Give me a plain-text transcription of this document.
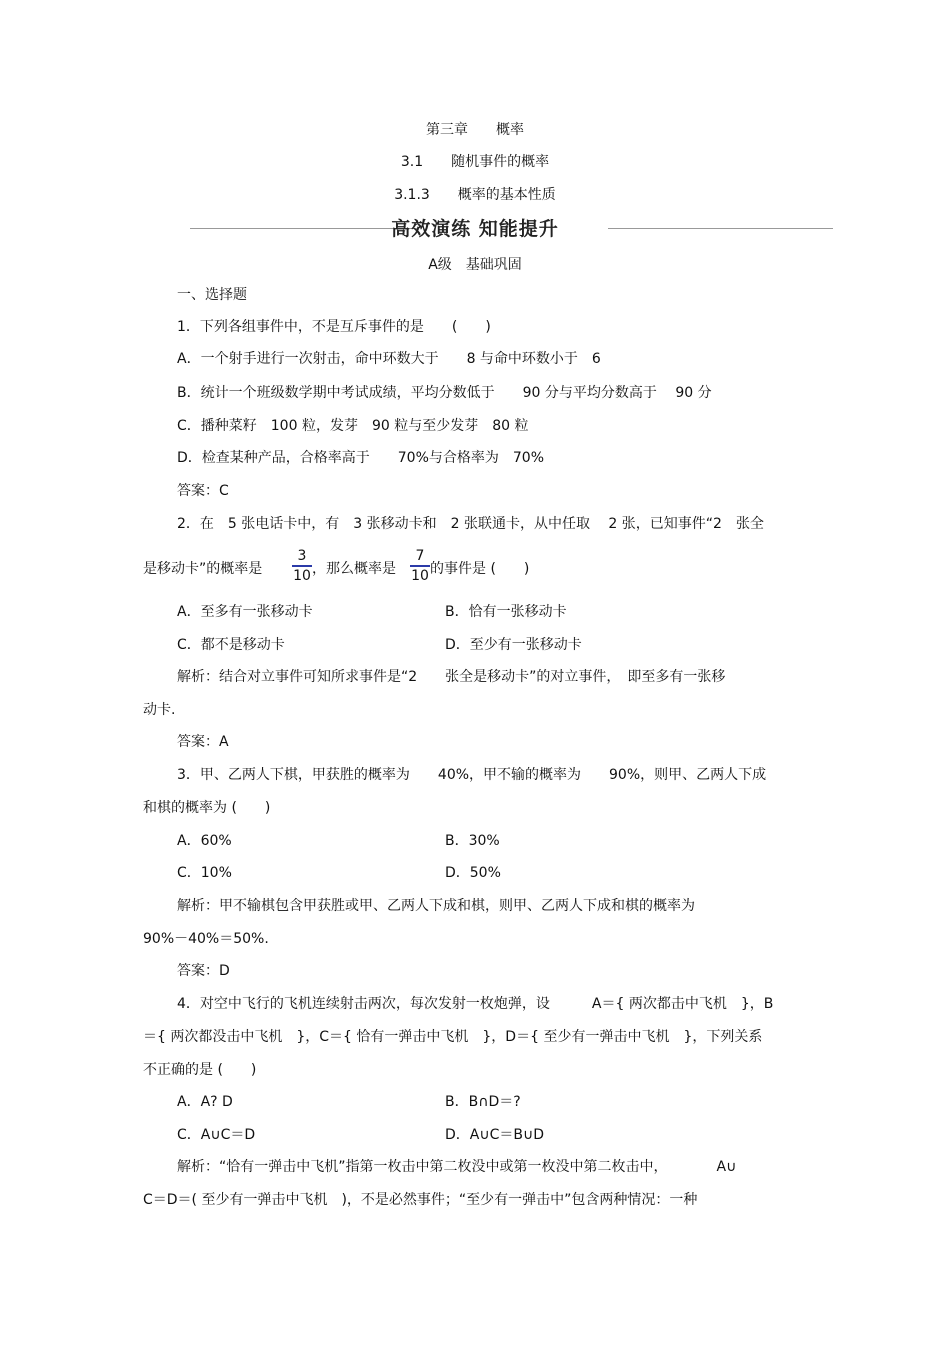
第三章　　概率
3.1　　随机事件的概率
3.1.3　　概率的基本性质
高效演练 知能提升
A级　基础巩固
一、选择题
1．下列各组事件中，不是互斥事件的是　　(　　)
A．一个射手进行一次射击，命中环数大于　　8 与命中环数小于　6
B．统计一个班级数学期中考试成绩，平均分数低于　　90 分与平均分数高于　 90 分
C．播种菜籽　100 粒，发芽　90 粒与至少发芽　80 粒
D．检查某种产品，合格率高于　　70%与合格率为　70%
答案：C
2．在　5 张电话卡中，有　3 张移动卡和　2 张联通卡，从中任取　 2 张，已知事件“2　张全
是移动卡”的概率是
3
10 ，那么概率是
7
10 的事件是 (　　)
A．至多有一张移动卡	B．恰有一张移动卡
C．都不是移动卡	D．至少有一张移动卡
解析：结合对立事件可知所求事件是“2　　张全是移动卡”的对立事件，　即至多有一张移
动卡.
答案：A
3．甲、乙两人下棋，甲获胜的概率为　　40%，甲不输的概率为　　90%，则甲、乙两人下成
和棋的概率为 (　　)
A．60%	B．30%
C．10%	D．50%
解析：甲不输棋包含甲获胜或甲、乙两人下成和棋，则甲、乙两人下成和棋的概率为
90%－40%＝50%.
答案：D
4．对空中飞行的飞机连续射击两次，每次发射一枚炮弹，设　　　A＝{ 两次都击中飞机　}，B
＝{ 两次都没击中飞机　}，C＝{ 恰有一弹击中飞机　}，D＝{ 至少有一弹击中飞机　}，下列关系
不正确的是 (　　)
A．A? D	B．B∩D＝?
C．A∪C＝D	D．A∪C＝B∪D
解析：“恰有一弹击中飞机”指第一枚击中第二枚没中或第一枚没中第二枚击中，　　　　A∪
C＝D＝( 至少有一弹击中飞机　)，不是必然事件；“至少有一弹击中”包含两种情况：一种
